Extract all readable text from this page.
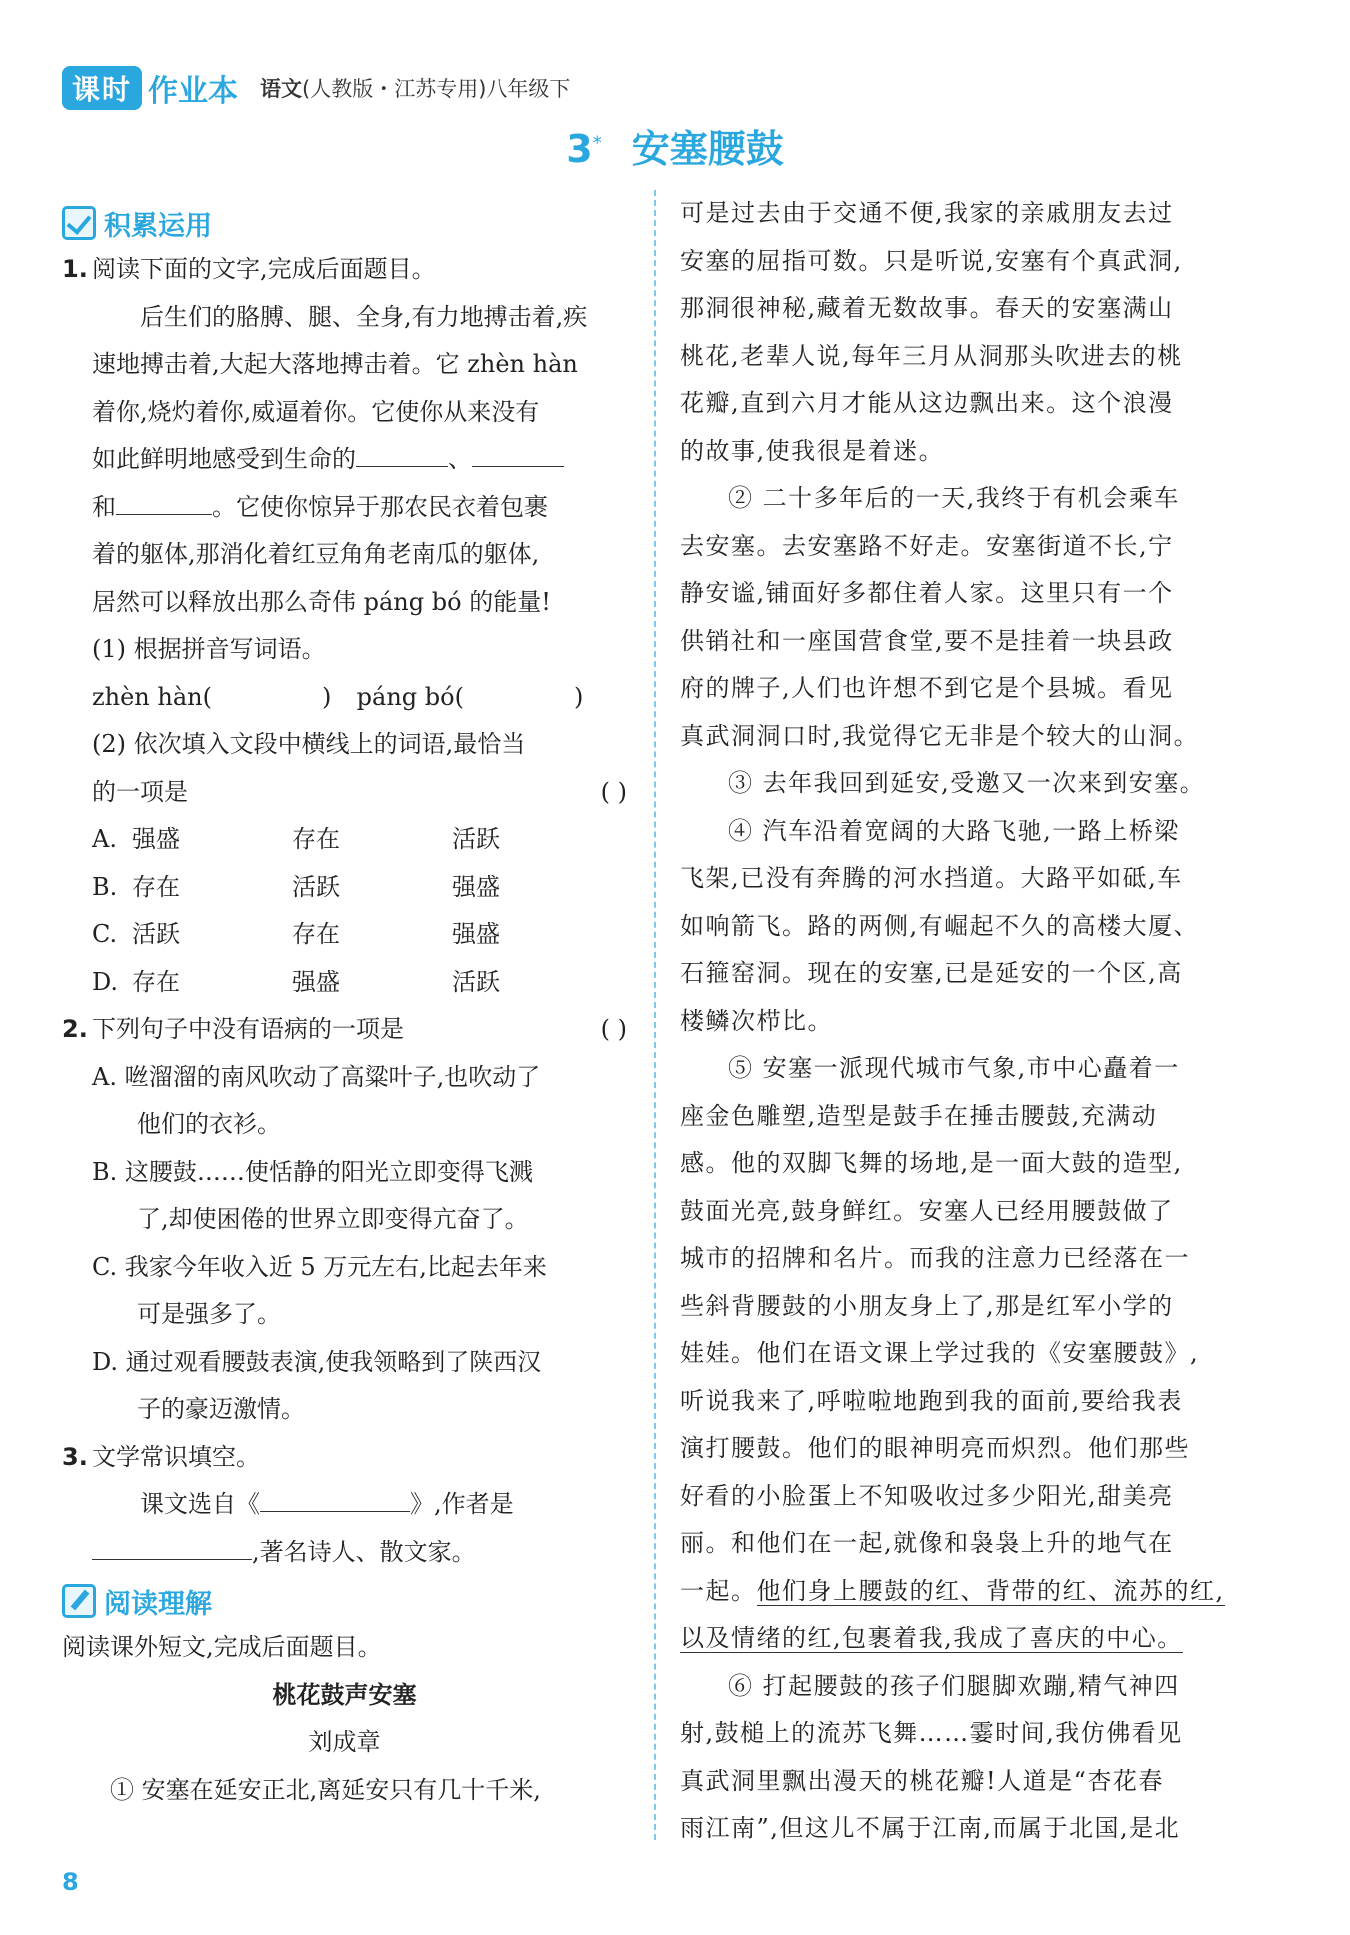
课时 作业本 语文(人教版・江苏专用)八年级下
3* 安塞腰鼓
积累运用
1. 阅读下面的文字,完成后面题目。
后生们的胳膊、腿、全身,有力地搏击着,疾
速地搏击着,大起大落地搏击着。它 zhèn hàn
着你,烧灼着你,威逼着你。它使你从来没有
如此鲜明地感受到生命的	、
和	。它使你惊异于那农民衣着包裹
着的躯体,那消化着红豆角角老南瓜的躯体,
居然可以释放出那么奇伟 páng bó 的能量!
(1) 根据拼音写词语。
zhèn hàn(	) páng bó(	)
(2) 依次填入文段中横线上的词语,最恰当
的一项是	( )
A. 强盛	存在	活跃
B. 存在	活跃	强盛
C. 活跃	存在	强盛
D. 存在	强盛	活跃
2. 下列句子中没有语病的一项是	( )
A. 咝溜溜的南风吹动了高粱叶子,也吹动了
他们的衣衫。
B. 这腰鼓……使恬静的阳光立即变得飞溅
了,却使困倦的世界立即变得亢奋了。
C. 我家今年收入近 5 万元左右,比起去年来
可是强多了。
D. 通过观看腰鼓表演,使我领略到了陕西汉
子的豪迈激情。
3. 文学常识填空。
课文选自《	》,作者是
,著名诗人、散文家。
阅读理解
阅读课外短文,完成后面题目。
桃花鼓声安塞
刘成章
① 安塞在延安正北,离延安只有几十千米,
可是过去由于交通不便,我家的亲戚朋友去过
安塞的屈指可数。只是听说,安塞有个真武洞,
那洞很神秘,藏着无数故事。春天的安塞满山
桃花,老辈人说,每年三月从洞那头吹进去的桃
花瓣,直到六月才能从这边飘出来。这个浪漫
的故事,使我很是着迷。
② 二十多年后的一天,我终于有机会乘车
去安塞。去安塞路不好走。安塞街道不长,宁
静安谧,铺面好多都住着人家。这里只有一个
供销社和一座国营食堂,要不是挂着一块县政
府的牌子,人们也许想不到它是个县城。看见
真武洞洞口时,我觉得它无非是个较大的山洞。
③ 去年我回到延安,受邀又一次来到安塞。
④ 汽车沿着宽阔的大路飞驰,一路上桥梁
飞架,已没有奔腾的河水挡道。大路平如砥,车
如响箭飞。路的两侧,有崛起不久的高楼大厦、
石箍窑洞。现在的安塞,已是延安的一个区,高
楼鳞次栉比。
⑤ 安塞一派现代城市气象,市中心矗着一
座金色雕塑,造型是鼓手在捶击腰鼓,充满动
感。他的双脚飞舞的场地,是一面大鼓的造型,
鼓面光亮,鼓身鲜红。安塞人已经用腰鼓做了
城市的招牌和名片。而我的注意力已经落在一
些斜背腰鼓的小朋友身上了,那是红军小学的
娃娃。他们在语文课上学过我的《安塞腰鼓》,
听说我来了,呼啦啦地跑到我的面前,要给我表
演打腰鼓。他们的眼神明亮而炽烈。他们那些
好看的小脸蛋上不知吸收过多少阳光,甜美亮
丽。和他们在一起,就像和袅袅上升的地气在
一起。他们身上腰鼓的红、背带的红、流苏的红,
以及情绪的红,包裹着我,我成了喜庆的中心。
⑥ 打起腰鼓的孩子们腿脚欢蹦,精气神四
射,鼓槌上的流苏飞舞……霎时间,我仿佛看见
真武洞里飘出漫天的桃花瓣!人道是“杏花春
雨江南”,但这儿不属于江南,而属于北国,是北
8
